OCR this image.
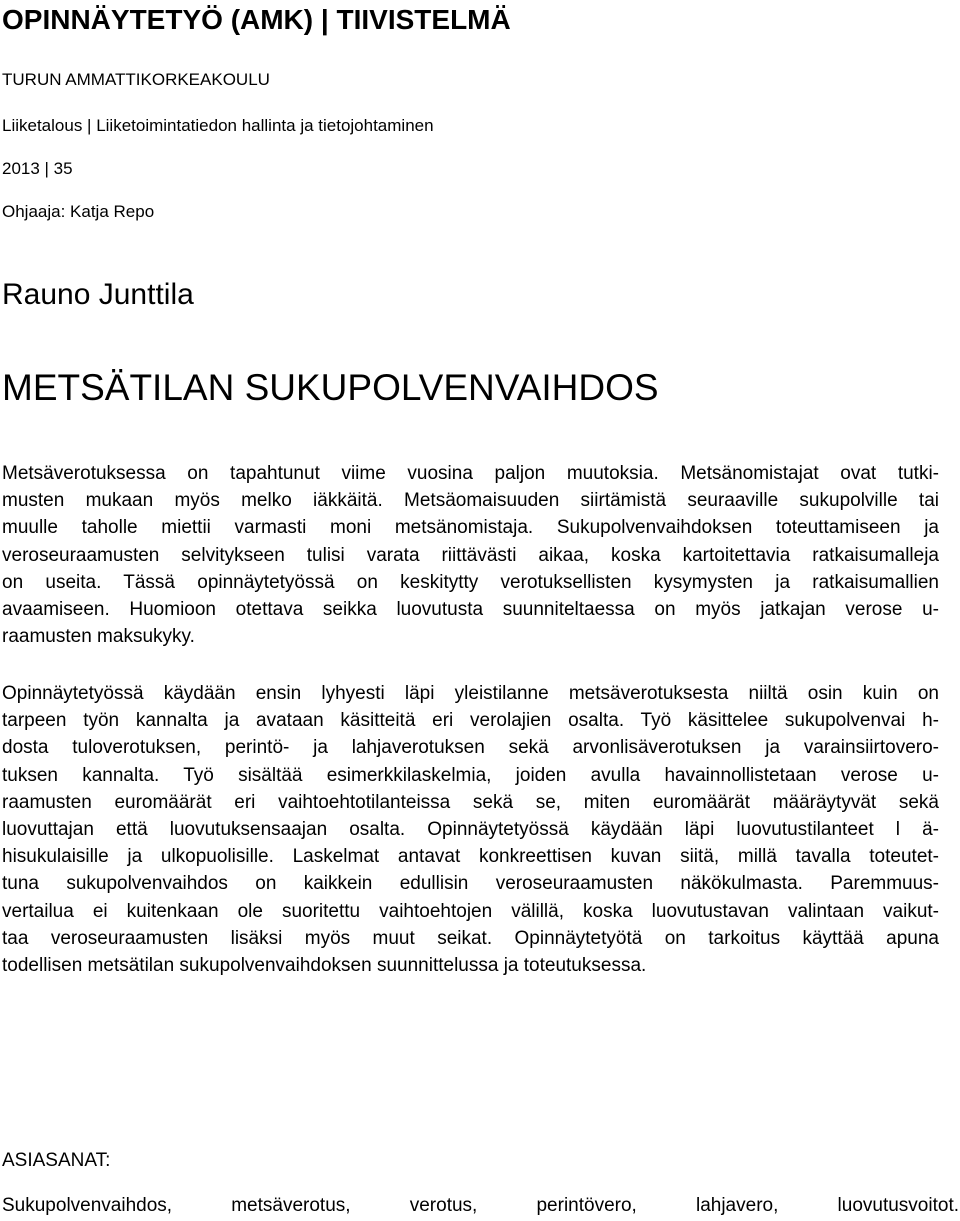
OPINNÄYTETYÖ (AMK) | TIIVISTELMÄ
TURUN AMMATTIKORKEAKOULU
Liiketalous | Liiketoimintatiedon hallinta ja tietojohtaminen
2013 | 35
Ohjaaja: Katja Repo
Rauno Junttila
METSÄTILAN SUKUPOLVENVAIHDOS
Metsäverotuksessa on tapahtunut viime vuosina paljon muutoksia. Metsänomistajat ovat tutki-
musten mukaan myös melko iäkkäitä. Metsäomaisuuden siirtämistä seuraaville sukupolville tai
muulle taholle miettii varmasti moni metsänomistaja. Sukupolvenvaihdoksen toteuttamiseen ja
veroseuraamusten selvitykseen tulisi varata riittävästi aikaa, koska kartoitettavia ratkaisumalleja
on useita. Tässä opinnäytetyössä on keskitytty verotuksellisten kysymysten ja ratkaisumallien
avaamiseen. Huomioon otettava seikka luovutusta suunniteltaessa on myös jatkajan verose u-
raamusten maksukyky.
Opinnäytetyössä käydään ensin lyhyesti läpi yleistilanne metsäverotuksesta niiltä osin kuin on
tarpeen työn kannalta ja avataan käsitteitä eri verolajien osalta. Työ käsittelee sukupolvenvai h-
dosta tuloverotuksen, perintö- ja lahjaverotuksen sekä arvonlisäverotuksen ja varainsiirtovero-
tuksen kannalta. Työ sisältää esimerkkilaskelmia, joiden avulla havainnollistetaan verose u-
raamusten euromäärät eri vaihtoehtotilanteissa sekä se, miten euromäärät määräytyvät sekä
luovuttajan että luovutuksensaajan osalta. Opinnäytetyössä käydään läpi luovutustilanteet l ä-
hisukulaisille ja ulkopuolisille. Laskelmat antavat konkreettisen kuvan siitä, millä tavalla toteutet-
tuna sukupolvenvaihdos on kaikkein edullisin veroseuraamusten näkökulmasta. Paremmuus-
vertailua ei kuitenkaan ole suoritettu vaihtoehtojen välillä, koska luovutustavan valintaan vaikut-
taa veroseuraamusten lisäksi myös muut seikat. Opinnäytetyötä on tarkoitus käyttää apuna
todellisen metsätilan sukupolvenvaihdoksen suunnittelussa ja toteutuksessa.
ASIASANAT:
Sukupolvenvaihdos, metsäverotus, verotus, perintövero, lahjavero, luovutusvoitot.
